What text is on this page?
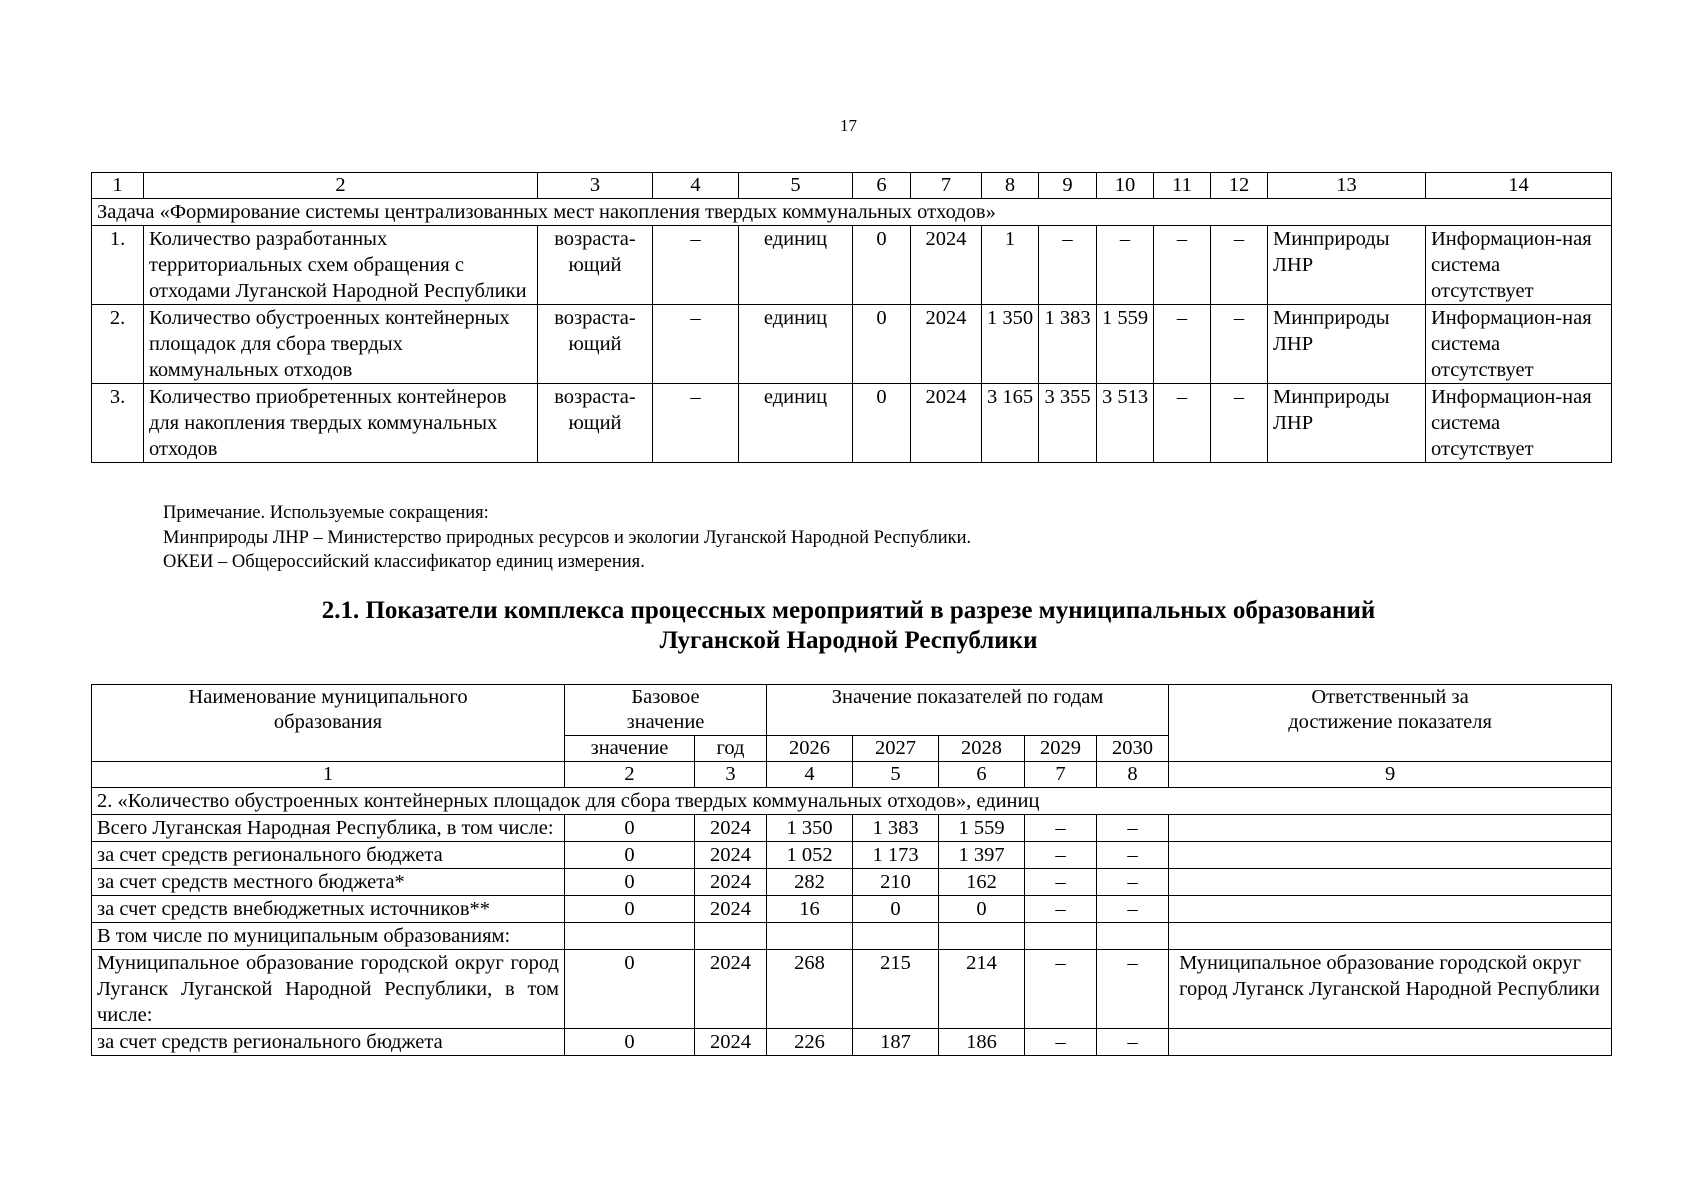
17
1	2	3	4	5	6	7	8	9	10	11	12	13	14
Задача «Формирование системы централизованных мест накопления твердых коммунальных отходов»													
1.	Количество разработанных территориальных схем обращения с отходами Луганской Народной Республики	возраста-ющий	–	единиц	0	2024	1	–	–	–	–	Минприроды ЛНР	Информацион-ная система отсутствует
2.	Количество обустроенных контейнерных площадок для сбора твердых коммунальных отходов	возраста-ющий	–	единиц	0	2024	1 350	1 383	1 559	–	–	Минприроды ЛНР	Информацион-ная система отсутствует
3.	Количество приобретенных контейнеров для накопления твердых коммунальных отходов	возраста-ющий	–	единиц	0	2024	3 165	3 355	3 513	–	–	Минприроды ЛНР	Информацион-ная система отсутствует
Примечание. Используемые сокращения:
Минприроды ЛНР – Министерство природных ресурсов и экологии Луганской Народной Республики.
ОКЕИ – Общероссийский классификатор единиц измерения.
2.1. Показатели комплекса процессных мероприятий в разрезе муниципальных образований
Луганской Народной Республики
Наименование муниципального образования	Базовое значение		Значение показателей по годам					Ответственный за достижение показателя
	значение	год	2026	2027	2028	2029	2030	
1	2	3	4	5	6	7	8	9
2. «Количество обустроенных контейнерных площадок для сбора твердых коммунальных отходов», единиц								
Всего Луганская Народная Республика, в том числе:	0	2024	1 350	1 383	1 559	–	–	
за счет средств регионального бюджета	0	2024	1 052	1 173	1 397	–	–	
за счет средств местного бюджета*	0	2024	282	210	162	–	–	
за счет средств внебюджетных источников**	0	2024	16	0	0	–	–	
В том числе по муниципальным образованиям:								
Муниципальное образование городской округ город Луганск Луганской Народной Республики, в том числе:	0	2024	268	215	214	–	–	Муниципальное образование городской округ город Луганск Луганской Народной Республики
за счет средств регионального бюджета	0	2024	226	187	186	–	–	
